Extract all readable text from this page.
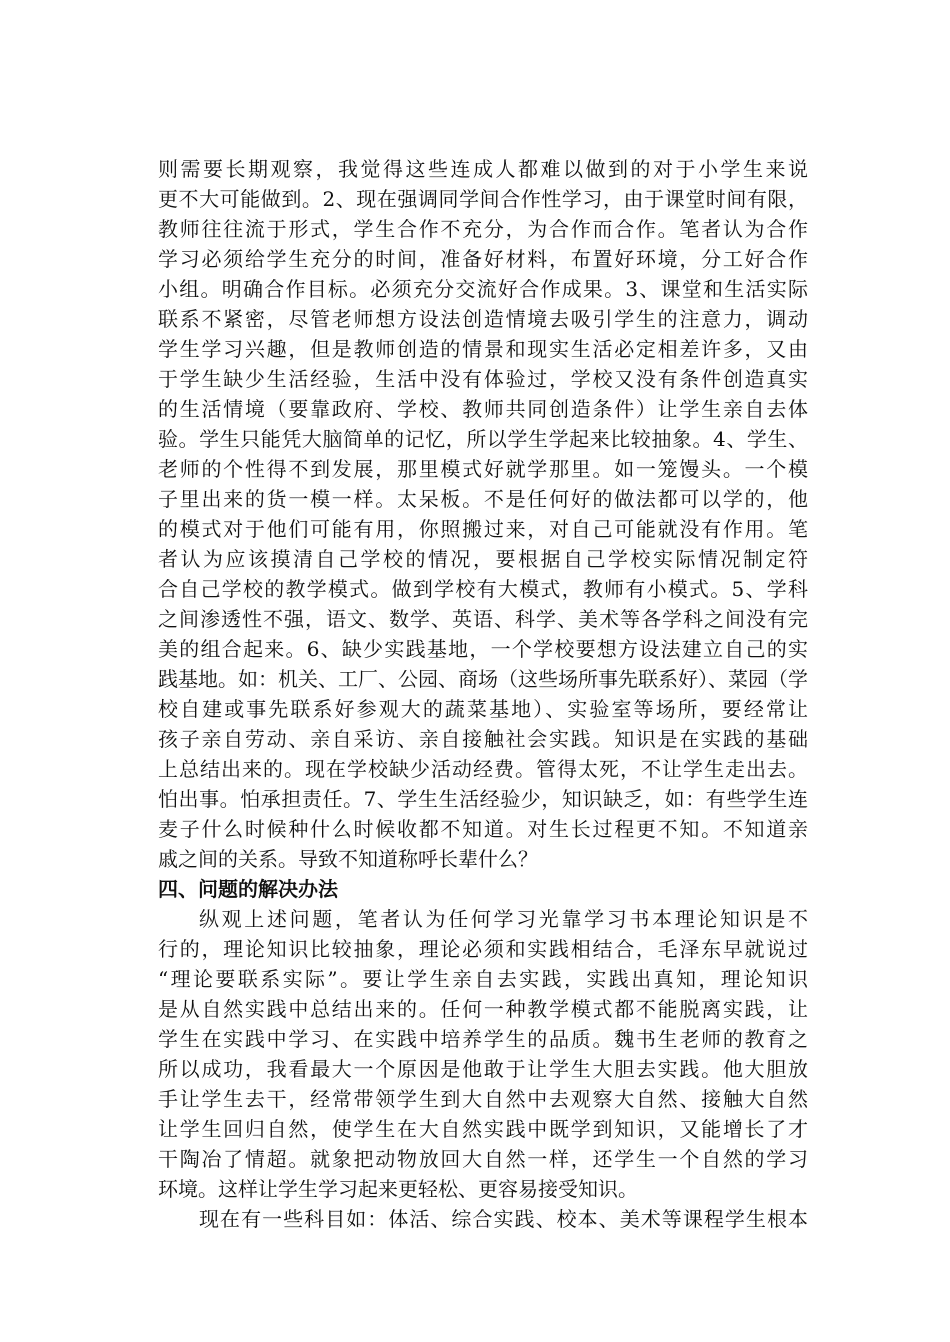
则需要长期观察，我觉得这些连成人都难以做到的对于小学生来说
更不大可能做到。2、现在强调同学间合作性学习，由于课堂时间有限，
教师往往流于形式，学生合作不充分，为合作而合作。笔者认为合作
学习必须给学生充分的时间，准备好材料，布置好环境，分工好合作
小组。明确合作目标。必须充分交流好合作成果。3、课堂和生活实际
联系不紧密，尽管老师想方设法创造情境去吸引学生的注意力，调动
学生学习兴趣，但是教师创造的情景和现实生活必定相差许多，又由
于学生缺少生活经验，生活中没有体验过，学校又没有条件创造真实
的生活情境（要靠政府、学校、教师共同创造条件）让学生亲自去体
验。学生只能凭大脑简单的记忆，所以学生学起来比较抽象。4、学生、
老师的个性得不到发展，那里模式好就学那里。如一笼馒头。一个模
子里出来的货一模一样。太呆板。不是任何好的做法都可以学的，他
的模式对于他们可能有用，你照搬过来，对自己可能就没有作用。笔
者认为应该摸清自己学校的情况，要根据自己学校实际情况制定符
合自己学校的教学模式。做到学校有大模式，教师有小模式。5、学科
之间渗透性不强，语文、数学、英语、科学、美术等各学科之间没有完
美的组合起来。6、缺少实践基地，一个学校要想方设法建立自己的实
践基地。如：机关、工厂、公园、商场（这些场所事先联系好）、菜园（学
校自建或事先联系好参观大的蔬菜基地）、实验室等场所，要经常让
孩子亲自劳动、亲自采访、亲自接触社会实践。知识是在实践的基础
上总结出来的。现在学校缺少活动经费。管得太死，不让学生走出去。
怕出事。怕承担责任。7、学生生活经验少，知识缺乏，如：有些学生连
麦子什么时候种什么时候收都不知道。对生长过程更不知。不知道亲
戚之间的关系。导致不知道称呼长辈什么？
四、问题的解决办法
纵观上述问题，笔者认为任何学习光靠学习书本理论知识是不
行的，理论知识比较抽象，理论必须和实践相结合，毛泽东早就说过
“理论要联系实际”。要让学生亲自去实践，实践出真知，理论知识
是从自然实践中总结出来的。任何一种教学模式都不能脱离实践，让
学生在实践中学习、在实践中培养学生的品质。魏书生老师的教育之
所以成功，我看最大一个原因是他敢于让学生大胆去实践。他大胆放
手让学生去干，经常带领学生到大自然中去观察大自然、接触大自然
让学生回归自然，使学生在大自然实践中既学到知识，又能增长了才
干陶冶了情超。就象把动物放回大自然一样，还学生一个自然的学习
环境。这样让学生学习起来更轻松、更容易接受知识。
现在有一些科目如：体活、综合实践、校本、美术等课程学生根本
